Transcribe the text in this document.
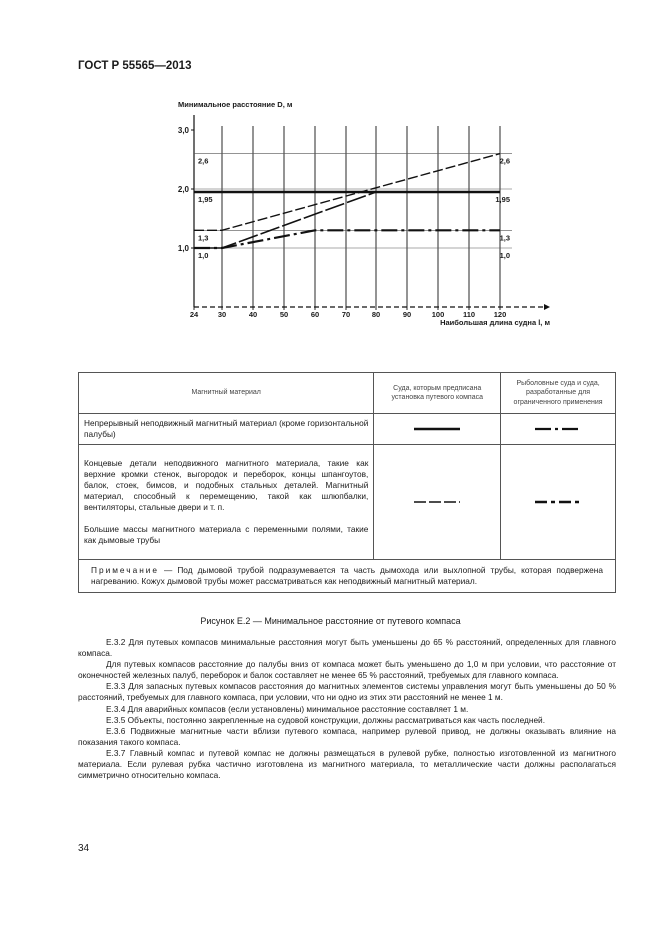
ГОСТ Р 55565—2013
Минимальное расстояние D, м
Наибольшая длина судна l, м
24	30	40	50	60	70	80	90	100 110 120
1,0
2,0
3,0
2,6	2,6
1,95	1,95
1,3	1,3
1,0	1,0
Магнитный материал	Суда, которым предписана установка путевого компаса	Рыболовные суда и суда, разработанные для ограниченного применения
Непрерывный неподвижный магнитный материал (кроме горизонтальной палубы)	

Концевые детали неподвижного магнитного материала, такие как верхние кромки стенок, выгородок и переборок, концы шпангоутов, балок, стоек, бимсов, и подобных стальных деталей. Магнитный материал, способный к перемещению, такой как шлюпбалки, вентиляторы, стальные двери и т. п.
Большие массы магнитного материала с переменными полями, такие как дымовые трубы

Примечание — Под дымовой трубой подразумевается та часть дымохода или выхлопной трубы, которая подвержена нагреванию. Кожух дымовой трубы может рассматриваться как неподвижный магнитный материал.		
Рисунок Е.2 — Минимальное расстояние от путевого компаса

Е.3.2 Для путевых компасов минимальные расстояния могут быть уменьшены до 65 % расстояний, определенных для главного компаса.

Для путевых компасов расстояние до палубы вниз от компаса может быть уменьшено до 1,0 м при условии, что расстояние от оконечностей железных палуб, переборок и балок составляет не менее 65 % расстояний, требуемых для главного компаса.

Е.3.3 Для запасных путевых компасов расстояния до магнитных элементов системы управления могут быть уменьшены до 50 % расстояний, требуемых для главного компаса, при условии, что ни одно из этих эти расстояний не менее 1 м.

Е.3.4 Для аварийных компасов (если установлены) минимальное расстояние составляет 1 м.

Е.3.5 Объекты, постоянно закрепленные на судовой конструкции, должны рассматриваться как часть последней.

Е.3.6 Подвижные магнитные части вблизи путевого компаса, например рулевой привод, не должны оказывать влияние на показания такого компаса.

Е.3.7 Главный компас и путевой компас не должны размещаться в рулевой рубке, полностью изготовленной из магнитного материала. Если рулевая рубка частично изготовлена из магнитного материала, то металлические части должны располагаться симметрично относительно компаса.

34
